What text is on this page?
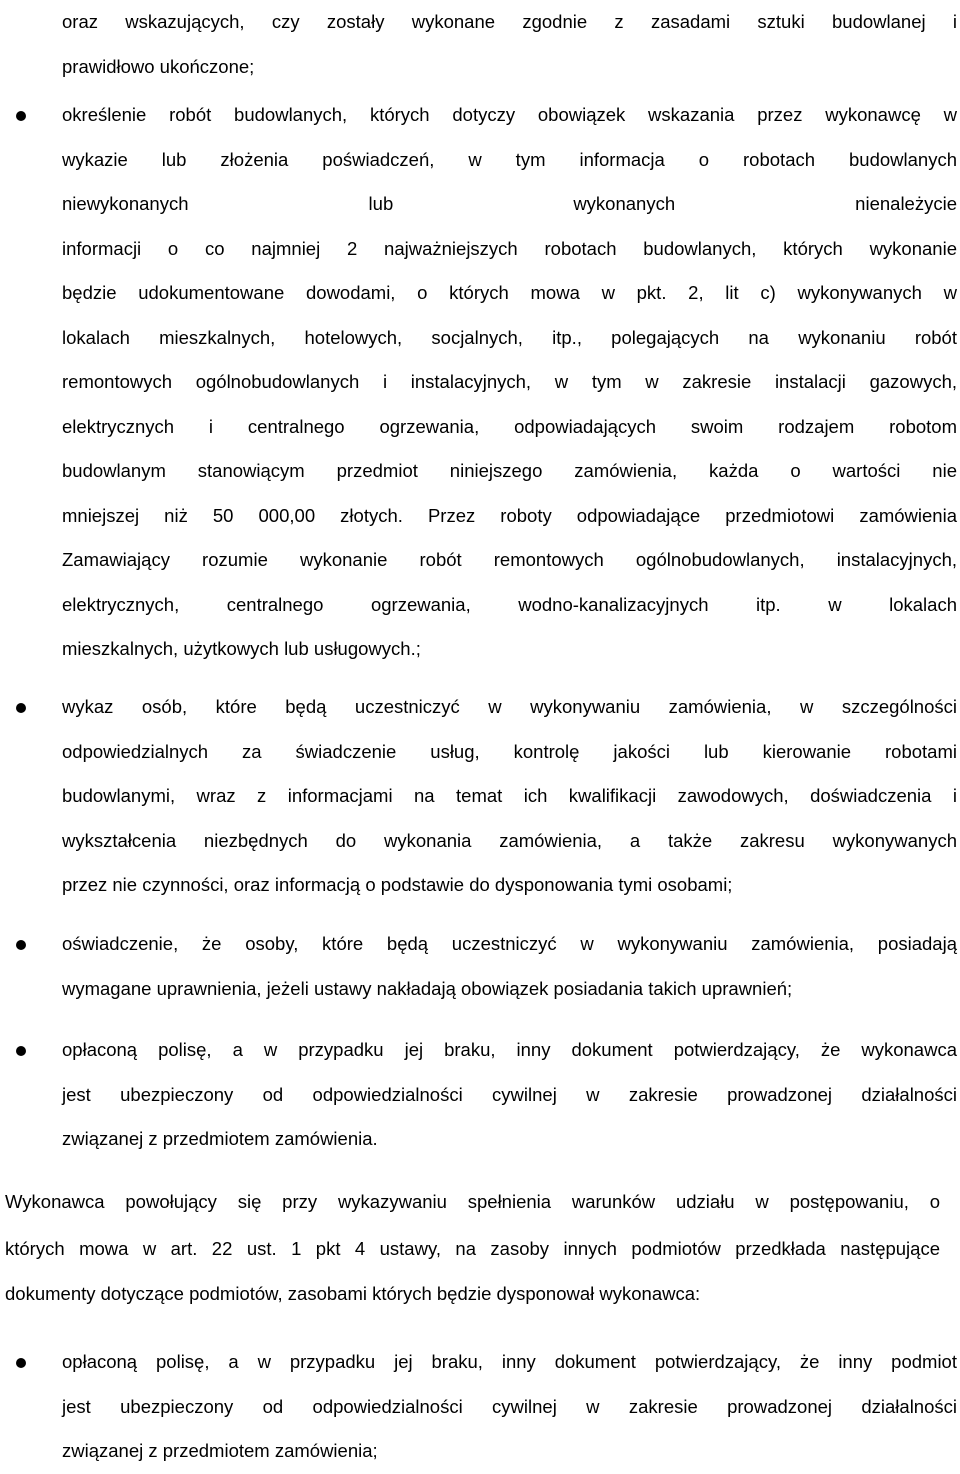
oraz wskazujących, czy zostały wykonane zgodnie z zasadami sztuki budowlanej i
prawidłowo ukończone;
określenie robót budowlanych, których dotyczy obowiązek wskazania przez wykonawcę w
wykazie lub złożenia poświadczeń, w tym informacja o robotach budowlanych
niewykonanych lub wykonanych nienależycie
informacji o co najmniej 2 najważniejszych robotach budowlanych, których wykonanie
będzie udokumentowane dowodami, o których mowa w pkt. 2, lit c) wykonywanych w
lokalach mieszkalnych, hotelowych, socjalnych, itp., polegających na wykonaniu robót
remontowych ogólnobudowlanych i instalacyjnych, w tym w zakresie instalacji gazowych,
elektrycznych i centralnego ogrzewania, odpowiadających swoim rodzajem robotom
budowlanym stanowiącym przedmiot niniejszego zamówienia, każda o wartości nie
mniejszej niż 50 000,00 złotych. Przez roboty odpowiadające przedmiotowi zamówienia
Zamawiający rozumie wykonanie robót remontowych ogólnobudowlanych, instalacyjnych,
elektrycznych, centralnego ogrzewania, wodno-kanalizacyjnych itp. w lokalach
mieszkalnych, użytkowych lub usługowych.;
wykaz osób, które będą uczestniczyć w wykonywaniu zamówienia, w szczególności
odpowiedzialnych za świadczenie usług, kontrolę jakości lub kierowanie robotami
budowlanymi, wraz z informacjami na temat ich kwalifikacji zawodowych, doświadczenia i
wykształcenia niezbędnych do wykonania zamówienia, a także zakresu wykonywanych
przez nie czynności, oraz informacją o podstawie do dysponowania tymi osobami;
oświadczenie, że osoby, które będą uczestniczyć w wykonywaniu zamówienia, posiadają
wymagane uprawnienia, jeżeli ustawy nakładają obowiązek posiadania takich uprawnień;
opłaconą polisę, a w przypadku jej braku, inny dokument potwierdzający, że wykonawca
jest ubezpieczony od odpowiedzialności cywilnej w zakresie prowadzonej działalności
związanej z przedmiotem zamówienia.
Wykonawca powołujący się przy wykazywaniu spełnienia warunków udziału w postępowaniu, o
których mowa w art. 22 ust. 1 pkt 4 ustawy, na zasoby innych podmiotów przedkłada następujące
dokumenty dotyczące podmiotów, zasobami których będzie dysponował wykonawca:
opłaconą polisę, a w przypadku jej braku, inny dokument potwierdzający, że inny podmiot
jest ubezpieczony od odpowiedzialności cywilnej w zakresie prowadzonej działalności
związanej z przedmiotem zamówienia;
